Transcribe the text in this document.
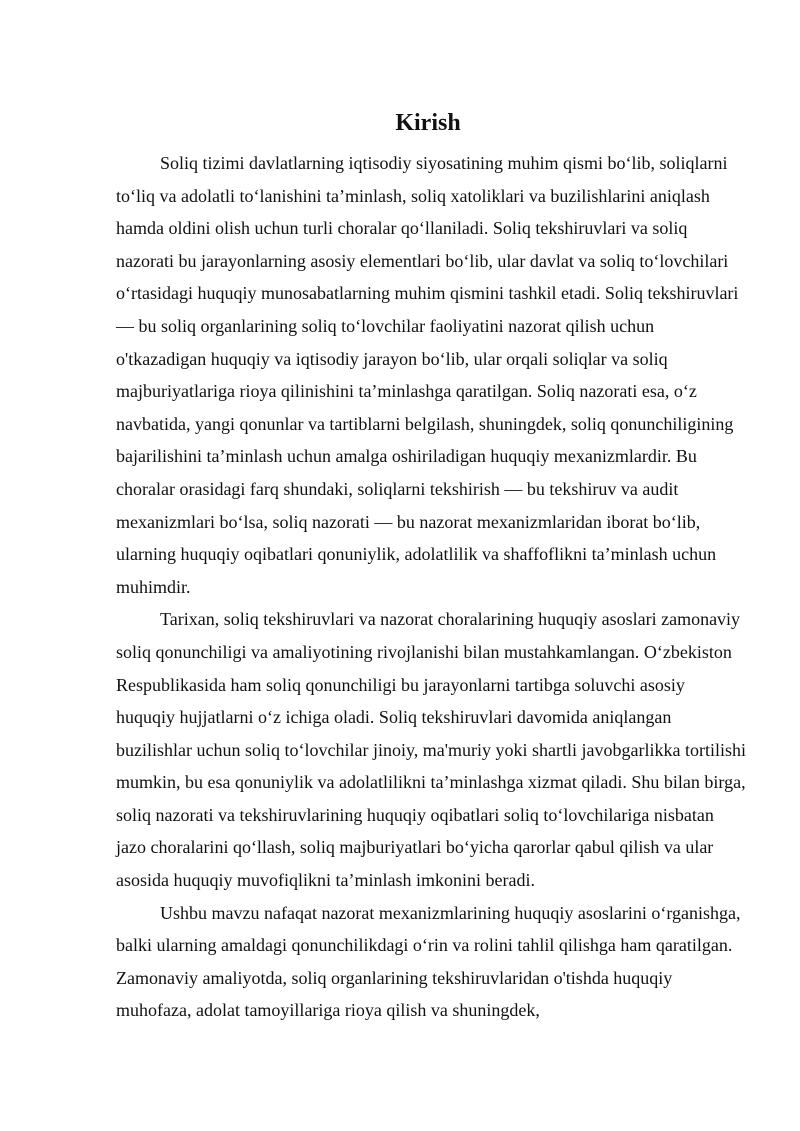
Kirish

Soliq tizimi davlatlarning iqtisodiy siyosatining muhim qismi bo‘lib, soliqlarni to‘liq va adolatli to‘lanishini ta’minlash, soliq xatoliklari va buzilishlarini aniqlash hamda oldini olish uchun turli choralar qo‘llaniladi. Soliq tekshiruvlari va soliq nazorati bu jarayonlarning asosiy elementlari bo‘lib, ular davlat va soliq to‘lovchilari o‘rtasidagi huquqiy munosabatlarning muhim qismini tashkil etadi. Soliq tekshiruvlari — bu soliq organlarining soliq to‘lovchilar faoliyatini nazorat qilish uchun o'tkazadigan huquqiy va iqtisodiy jarayon bo‘lib, ular orqali soliqlar va soliq majburiyatlariga rioya qilinishini ta’minlashga qaratilgan. Soliq nazorati esa, o‘z navbatida, yangi qonunlar va tartiblarni belgilash, shuningdek, soliq qonunchiligining bajarilishini ta’minlash uchun amalga oshiriladigan huquqiy mexanizmlardir. Bu choralar orasidagi farq shundaki, soliqlarni tekshirish — bu tekshiruv va audit mexanizmlari bo‘lsa, soliq nazorati — bu nazorat mexanizmlaridan iborat bo‘lib, ularning huquqiy oqibatlari qonuniylik, adolatlilik va shaffoflikni ta’minlash uchun muhimdir.

Tarixan, soliq tekshiruvlari va nazorat choralarining huquqiy asoslari zamonaviy soliq qonunchiligi va amaliyotining rivojlanishi bilan mustahkamlangan. O‘zbekiston Respublikasida ham soliq qonunchiligi bu jarayonlarni tartibga soluvchi asosiy huquqiy hujjatlarni o‘z ichiga oladi. Soliq tekshiruvlari davomida aniqlangan buzilishlar uchun soliq to‘lovchilar jinoiy, ma'muriy yoki shartli javobgarlikka tortilishi mumkin, bu esa qonuniylik va adolatlilikni ta’minlashga xizmat qiladi. Shu bilan birga, soliq nazorati va tekshiruvlarining huquqiy oqibatlari soliq to‘lovchilariga nisbatan jazo choralarini qo‘llash, soliq majburiyatlari bo‘yicha qarorlar qabul qilish va ular asosida huquqiy muvofiqlikni ta’minlash imkonini beradi.

Ushbu mavzu nafaqat nazorat mexanizmlarining huquqiy asoslarini o‘rganishga, balki ularning amaldagi qonunchilikdagi o‘rin va rolini tahlil qilishga ham qaratilgan. Zamonaviy amaliyotda, soliq organlarining tekshiruvlaridan o'tishda huquqiy muhofaza, adolat tamoyillariga rioya qilish va shuningdek,
